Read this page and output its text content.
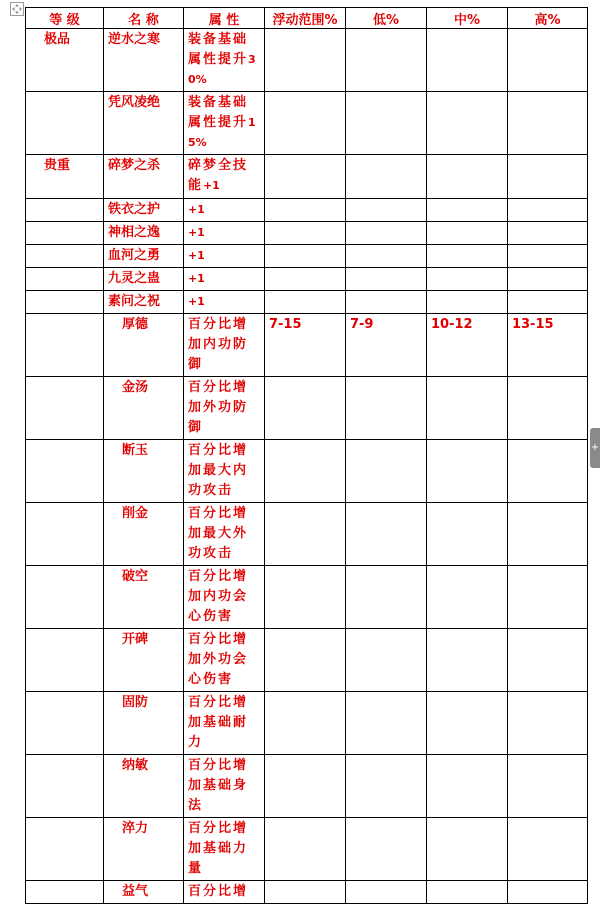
+
等 级	名 称	属 性	浮动范围%	低%	中%	高%
极品	逆水之寒	装备基础属性提升30%				
	凭风凌绝	装备基础属性提升15%				
贵重	碎梦之杀	碎梦全技能+1				
	铁衣之护	+1				
	神相之逸	+1				
	血河之勇	+1				
	九灵之蛊	+1				
	素问之祝	+1				
	厚德	百分比增加内功防御	7-15	7-9	10-12	13-15
	金汤	百分比增加外功防御				
	断玉	百分比增加最大内功攻击				
	削金	百分比增加最大外功攻击				
	破空	百分比增加内功会心伤害				
	开碑	百分比增加外功会心伤害				
	固防	百分比增加基础耐力				
	纳敏	百分比增加基础身法				
	淬力	百分比增加基础力量				
	益气	百分比增				
